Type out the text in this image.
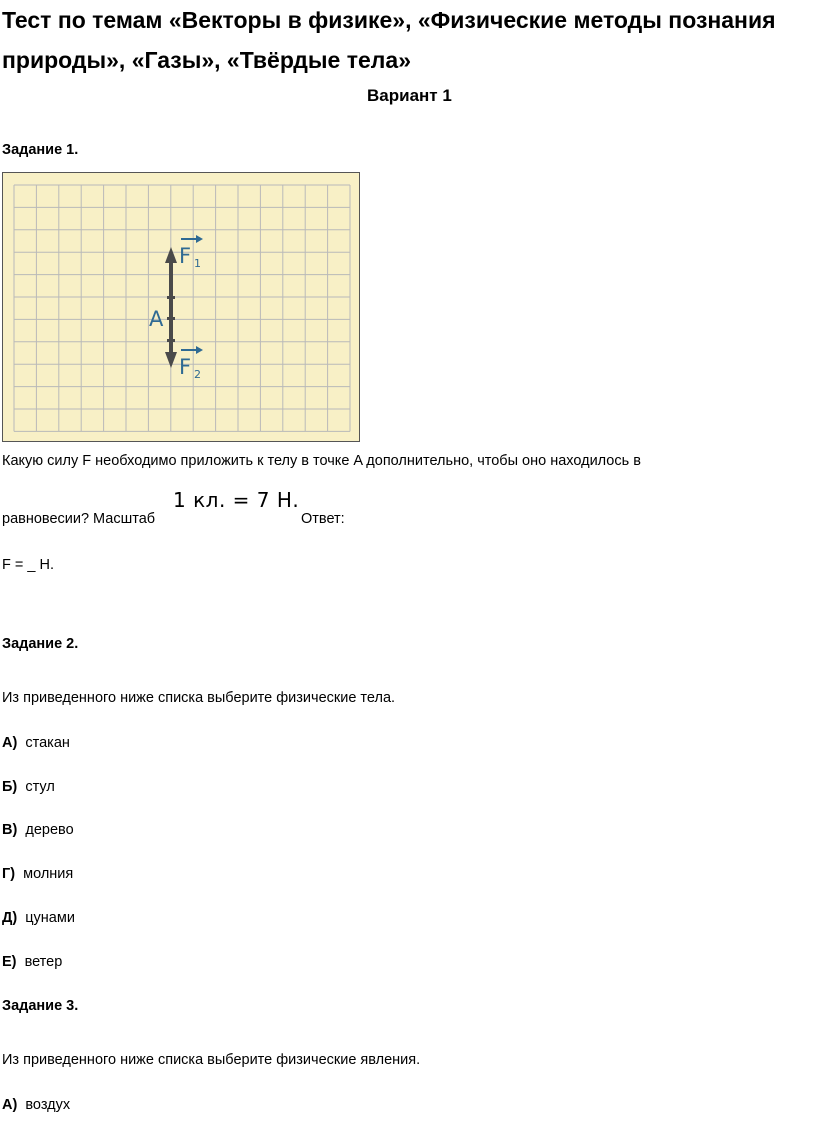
Тест по темам «Векторы в физике», «Физические методы познания природы», «Газы», «Твёрдые тела»
Вариант 1
Задание 1.
F 1
F 2
A
Какую силу F необходимо приложить к телу в точке A дополнительно, чтобы оно находилось в
равновесии? Масштаб
1 кл. = 7 Н.
Ответ:
F = _ Н.
Задание 2.
Из приведенного ниже списка выберите физические тела.
А) стакан
Б) стул
В) дерево
Г) молния
Д) цунами
Е) ветер
Задание 3.
Из приведенного ниже списка выберите физические явления.
А) воздух
